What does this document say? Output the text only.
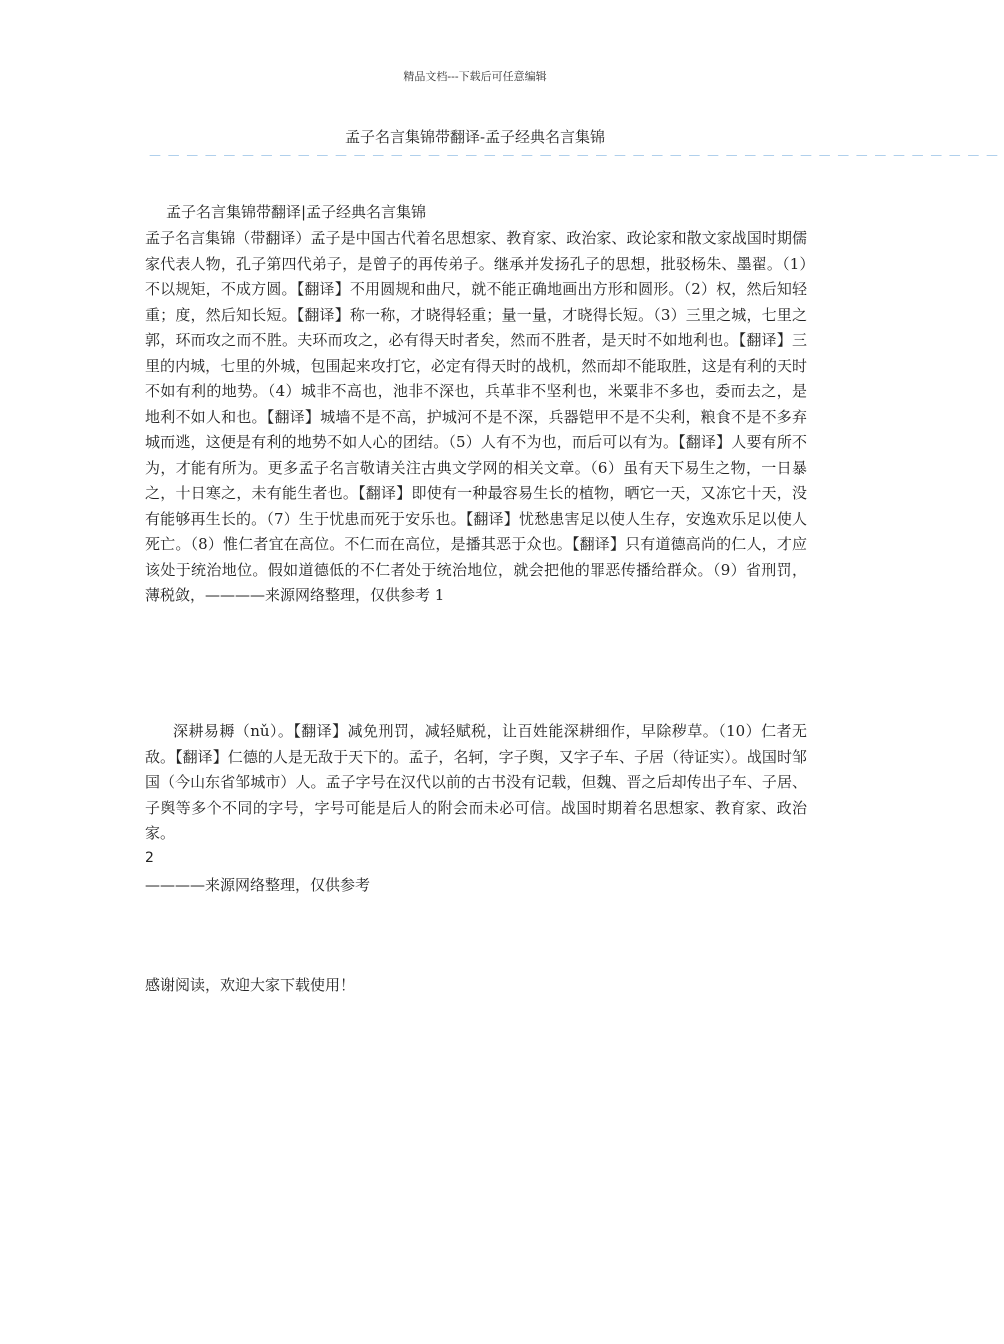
精品文档---下载后可任意编辑
孟子名言集锦带翻译-孟子经典名言集锦
－－－－－－－－－－－－－－－－－－－－－－－－－－－－－－－－－－－－－－－－－－－－－－
孟子名言集锦带翻译|孟子经典名言集锦

孟子名言集锦（带翻译）孟子是中国古代着名思想家、教育家、政治家、政论家和散文家战国时期儒家代表人物，孔子第四代弟子，是曾子的再传弟子。继承并发扬孔子的思想，批驳杨朱、墨翟。（1）不以规矩，不成方圆。【翻译】不用圆规和曲尺，就不能正确地画出方形和圆形。（2）权，然后知轻重；度，然后知长短。【翻译】称一称，才晓得轻重；量一量，才晓得长短。（3）三里之城，七里之郭，环而攻之而不胜。夫环而攻之，必有得天时者矣，然而不胜者，是天时不如地利也。【翻译】三里的内城，七里的外城，包围起来攻打它，必定有得天时的战机，然而却不能取胜，这是有利的天时不如有利的地势。（4）城非不高也，池非不深也，兵革非不坚利也，米粟非不多也，委而去之，是地利不如人和也。【翻译】城墙不是不高，护城河不是不深，兵器铠甲不是不尖利，粮食不是不多弃城而逃，这便是有利的地势不如人心的团结。（5）人有不为也，而后可以有为。【翻译】人要有所不为，才能有所为。更多孟子名言敬请关注古典文学网的相关文章。（6）虽有天下易生之物，一日暴之，十日寒之，未有能生者也。【翻译】即使有一种最容易生长的植物，晒它一天，又冻它十天，没有能够再生长的。（7）生于忧患而死于安乐也。【翻译】忧愁患害足以使人生存，安逸欢乐足以使人死亡。（8）惟仁者宜在高位。不仁而在高位，是播其恶于众也。【翻译】只有道德高尚的仁人，才应该处于统治地位。假如道德低的不仁者处于统治地位，就会把他的罪恶传播给群众。（9）省刑罚，薄税敛，————来源网络整理，仅供参考 1

深耕易耨（nǔ）。【翻译】减免刑罚，减轻赋税，让百姓能深耕细作，早除秽草。（10）仁者无敌。【翻译】仁德的人是无敌于天下的。孟子，名轲，字子舆，又字子车、子居（待证实）。战国时邹国（今山东省邹城市）人。孟子字号在汉代以前的古书没有记载，但魏、晋之后却传出子车、子居、子舆等多个不同的字号，字号可能是后人的附会而未必可信。战国时期着名思想家、教育家、政治家。

2
————来源网络整理，仅供参考
感谢阅读，欢迎大家下载使用！
